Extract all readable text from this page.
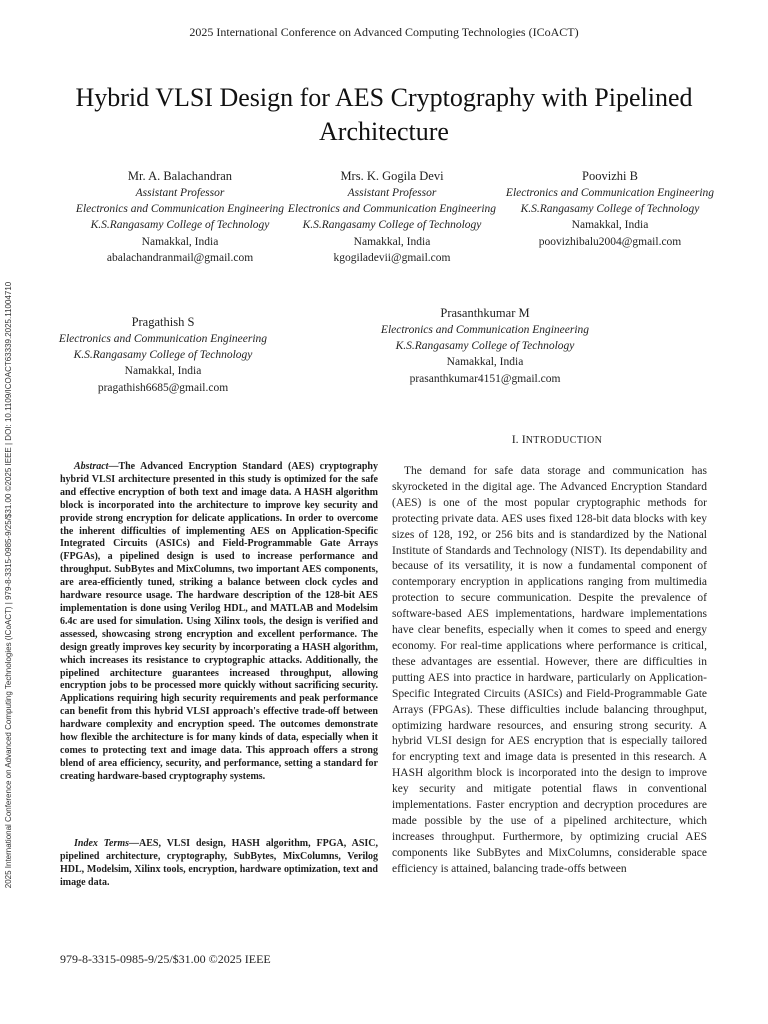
2025 International Conference on Advanced Computing Technologies (ICoACT) | 979-8-3315-0985-9/25/$31.00 ©2025 IEEE | DOI: 10.1109/ICOACT63339.2025.11004710
2025 International Conference on Advanced Computing Technologies (ICoACT)
Hybrid VLSI Design for AES Cryptography with Pipelined Architecture
Mr. A. Balachandran
Assistant Professor
Electronics and Communication Engineering
K.S.Rangasamy College of Technology
Namakkal, India
abalachandranmail@gmail.com
Mrs. K. Gogila Devi
Assistant Professor
Electronics and Communication Engineering
K.S.Rangasamy College of Technology
Namakkal, India
kgogiladevii@gmail.com
Poovizhi B
Electronics and Communication Engineering
K.S.Rangasamy College of Technology
Namakkal, India
poovizhibalu2004@gmail.com
Pragathish S
Electronics and Communication Engineering
K.S.Rangasamy College of Technology
Namakkal, India
pragathish6685@gmail.com
Prasanthkumar M
Electronics and Communication Engineering
K.S.Rangasamy College of Technology
Namakkal, India
prasanthkumar4151@gmail.com
I. INTRODUCTION
Abstract—The Advanced Encryption Standard (AES) cryptography hybrid VLSI architecture presented in this study is optimized for the safe and effective encryption of both text and image data. A HASH algorithm block is incorporated into the architecture to improve key security and provide strong encryption for delicate applications. In order to overcome the inherent difficulties of implementing AES on Application-Specific Integrated Circuits (ASICs) and Field-Programmable Gate Arrays (FPGAs), a pipelined design is used to increase performance and throughput. SubBytes and MixColumns, two important AES components, are area-efficiently tuned, striking a balance between clock cycles and hardware resource usage. The hardware description of the 128-bit AES implementation is done using Verilog HDL, and MATLAB and Modelsim 6.4c are used for simulation. Using Xilinx tools, the design is verified and assessed, showcasing strong encryption and excellent performance. The design greatly improves key security by incorporating a HASH algorithm, which increases its resistance to cryptographic attacks. Additionally, the pipelined architecture guarantees increased throughput, allowing encryption jobs to be processed more quickly without sacrificing security. Applications requiring high security requirements and peak performance can benefit from this hybrid VLSI approach's effective trade-off between hardware complexity and encryption speed. The outcomes demonstrate how flexible the architecture is for many kinds of data, especially when it comes to protecting text and image data. This approach offers a strong blend of area efficiency, security, and performance, setting a standard for creating hardware-based cryptography systems.
Index Terms—AES, VLSI design, HASH algorithm, FPGA, ASIC, pipelined architecture, cryptography, SubBytes, MixColumns, Verilog HDL, Modelsim, Xilinx tools, encryption, hardware optimization, text and image data.
The demand for safe data storage and communication has skyrocketed in the digital age. The Advanced Encryption Standard (AES) is one of the most popular cryptographic methods for protecting private data. AES uses fixed 128-bit data blocks with key sizes of 128, 192, or 256 bits and is standardized by the National Institute of Standards and Technology (NIST). Its dependability and because of its versatility, it is now a fundamental component of contemporary encryption in applications ranging from multimedia protection to secure communication. Despite the prevalence of software-based AES implementations, hardware implementations have clear benefits, especially when it comes to speed and energy economy. For real-time applications where performance is critical, these advantages are essential. However, there are difficulties in putting AES into practice in hardware, particularly on Application-Specific Integrated Circuits (ASICs) and Field-Programmable Gate Arrays (FPGAs). These difficulties include balancing throughput, optimizing hardware resources, and ensuring strong security. A hybrid VLSI design for AES encryption that is especially tailored for encrypting text and image data is presented in this research. A HASH algorithm block is incorporated into the design to improve key security and mitigate potential flaws in conventional implementations. Faster encryption and decryption procedures are made possible by the use of a pipelined architecture, which increases throughput. Furthermore, by optimizing crucial AES components like SubBytes and MixColumns, considerable space efficiency is attained, balancing trade-offs between
979-8-3315-0985-9/25/$31.00 ©2025 IEEE
